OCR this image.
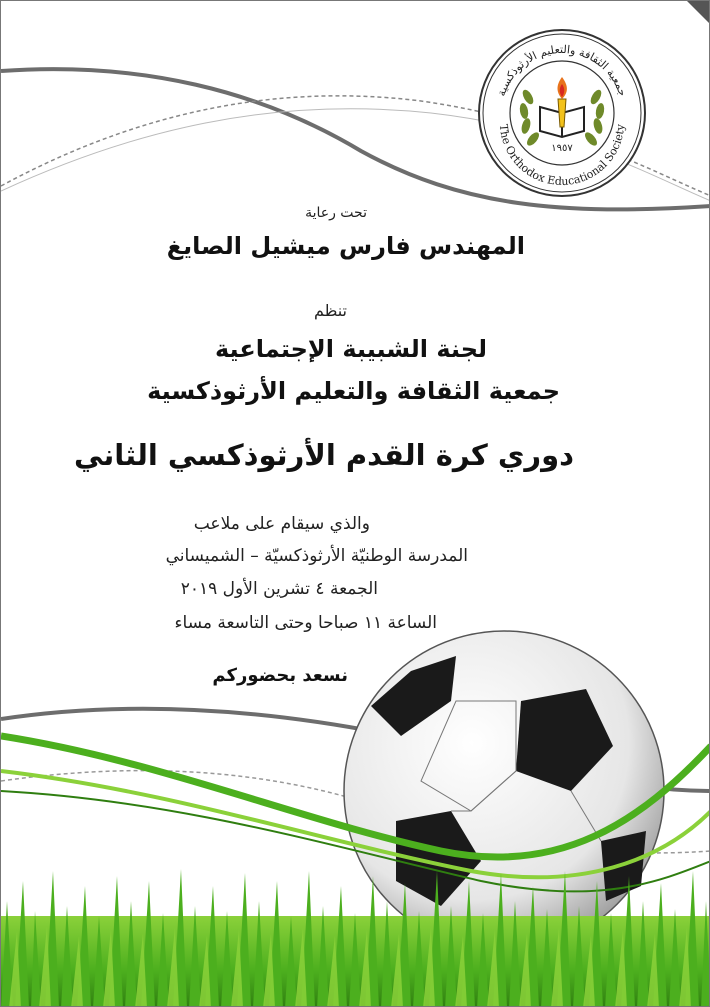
جمعية الثقافة والتعليم الأرثوذكسية
The Orthodox Educational Society
١٩٥٧
تحت رعاية
المهندس فارس ميشيل الصايغ
تنظم
لجنة الشبيبة الإجتماعية
جمعية الثقافة والتعليم الأرثوذكسية
دوري كرة القدم الأرثوذكسي الثاني
والذي سيقام على ملاعب
المدرسة الوطنيّة الأرثوذكسيّة – الشميساني
الجمعة ٤ تشرين الأول ٢٠١٩
الساعة ١١ صباحا وحتى التاسعة مساء
نسعد بحضوركم
